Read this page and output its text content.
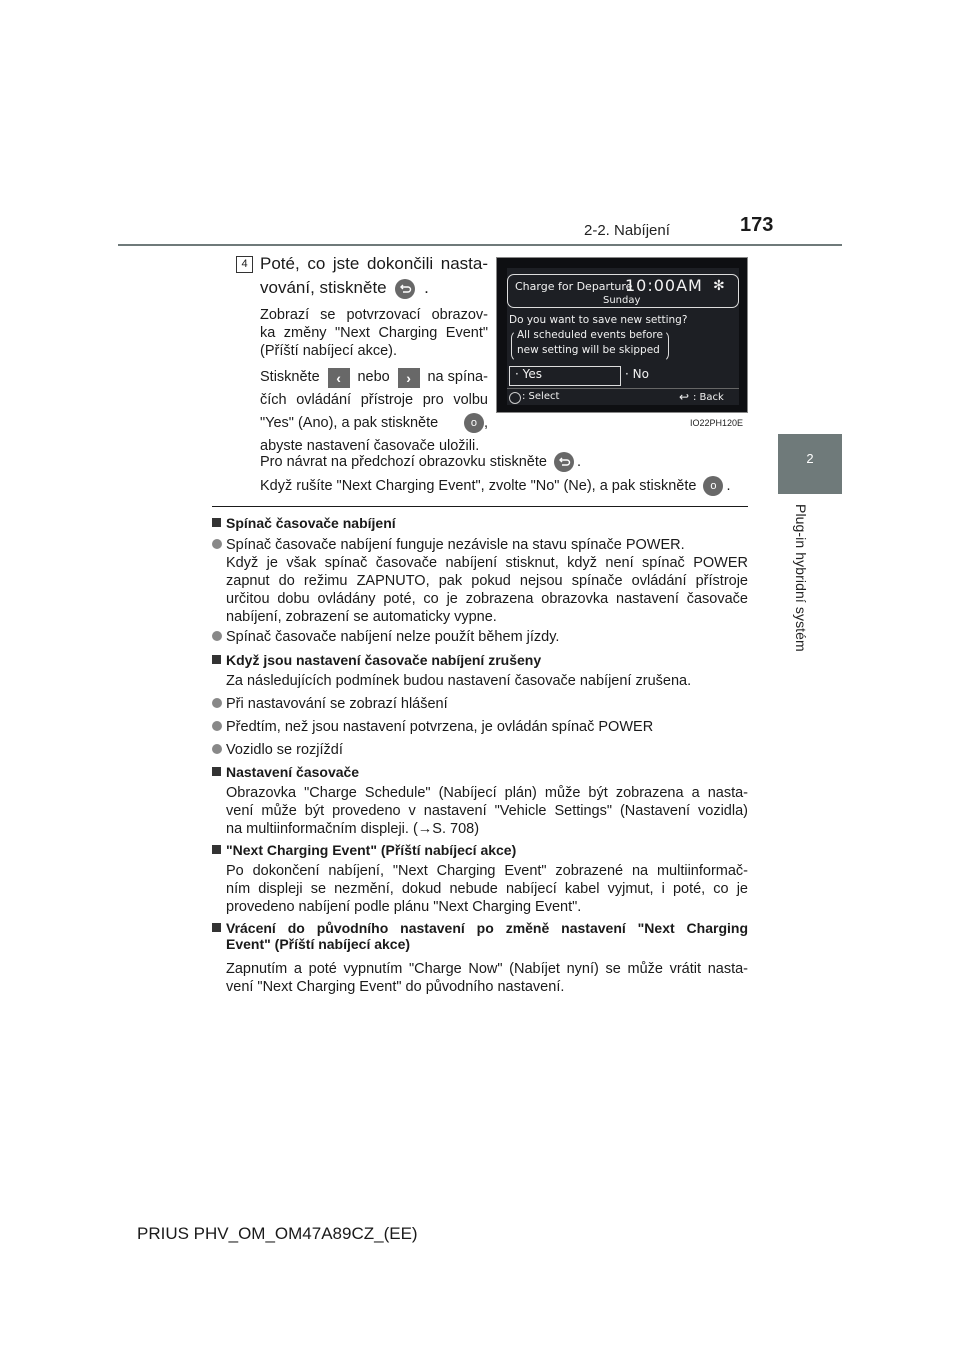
2-2. Nabíjení	173
2
Plug-in hybridní systém
4 Poté, co jste dokončili nasta-
vování, stiskněte .
Zobrazí se potvrzovací obrazov-
ka změny "Next Charging Event"
(Příští nabíjecí akce).
Stiskněte	‹	nebo	›	na spína-
čích ovládání přístroje pro volbu
"Yes" (Ano), a pak stiskněte	o ,
abyste nastavení časovače uložili.
Pro návrat na předchozí obrazovku stiskněte .
Když rušíte "Next Charging Event", zvolte "No" (Ne), a pak stiskněte o .
Charge for Departure
10:00AM ✻
Sunday
Do you want to save new setting?
All scheduled events before
new setting will be skipped
· Yes	· No
: Select	↩ : Back
IO22PH120E
Spínač časovače nabíjení
Spínač časovače nabíjení funguje nezávisle na stavu spínače POWER.
Když je však spínač časovače nabíjení stisknut, když není spínač POWER
zapnut do režimu ZAPNUTO, pak pokud nejsou spínače ovládání přístroje
určitou dobu ovládány poté, co je zobrazena obrazovka nastavení časovače
nabíjení, zobrazení se automaticky vypne.
Spínač časovače nabíjení nelze použít během jízdy.
Když jsou nastavení časovače nabíjení zrušeny
Za následujících podmínek budou nastavení časovače nabíjení zrušena.
Při nastavování se zobrazí hlášení
Předtím, než jsou nastavení potvrzena, je ovládán spínač POWER
Vozidlo se rozjíždí
Nastavení časovače
Obrazovka "Charge Schedule" (Nabíjecí plán) může být zobrazena a nasta-
vení může být provedeno v nastavení "Vehicle Settings" (Nastavení vozidla)
na multiinformačním displeji. (→S. 708)
"Next Charging Event" (Příští nabíjecí akce)
Po dokončení nabíjení, "Next Charging Event" zobrazené na multiinformač-
ním displeji se nezmění, dokud nebude nabíjecí kabel vyjmut, i poté, co je
provedeno nabíjení podle plánu "Next Charging Event".
Vrácení do původního nastavení po změně nastavení "Next Charging
Event" (Příští nabíjecí akce)
Zapnutím a poté vypnutím "Charge Now" (Nabíjet nyní) se může vrátit nasta-
vení "Next Charging Event" do původního nastavení.
PRIUS PHV_OM_OM47A89CZ_(EE)
